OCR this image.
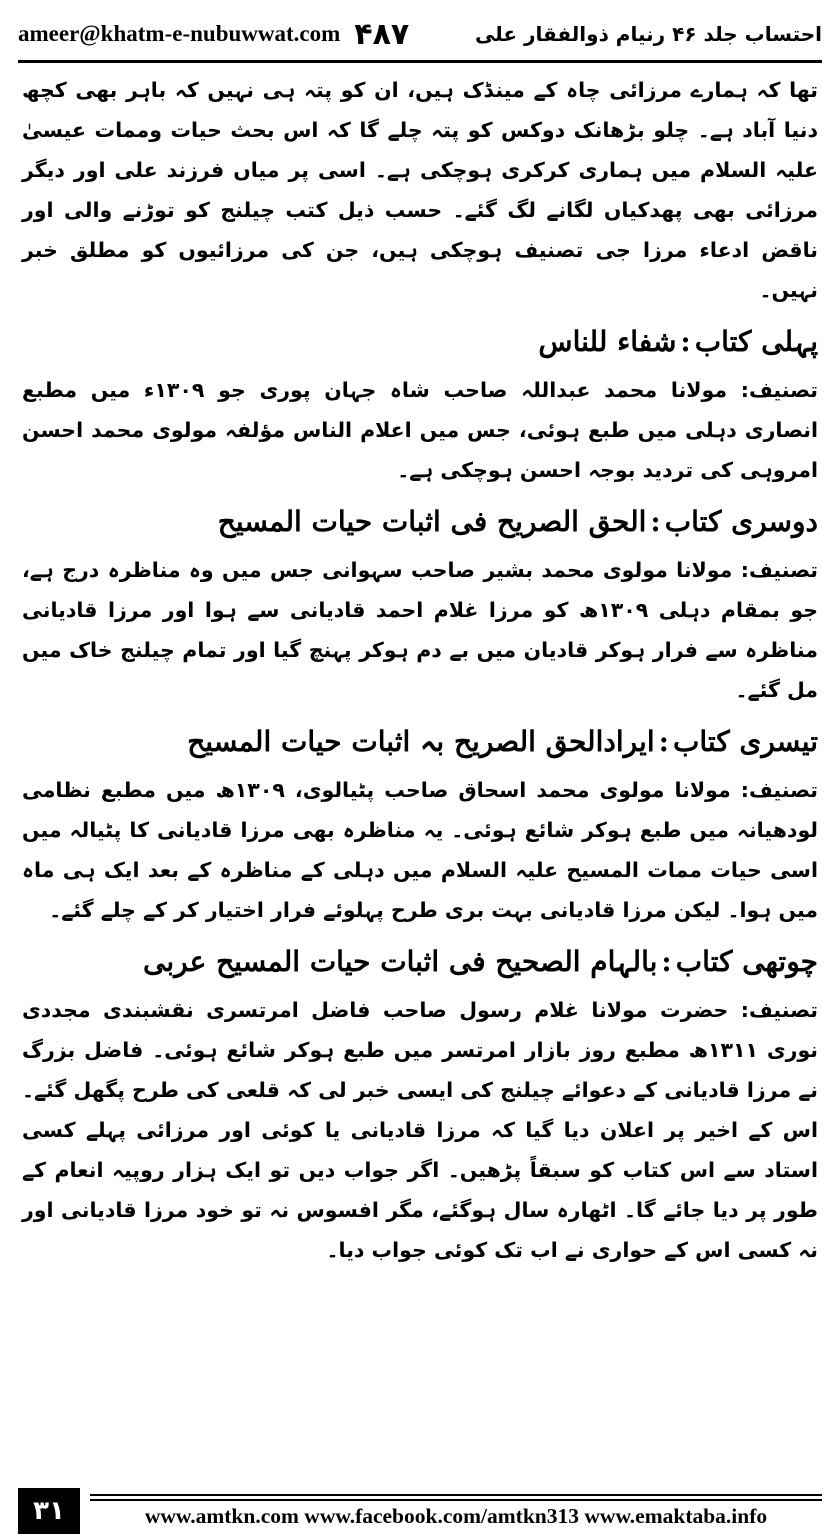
ameer@khatm-e-nubuwwat.com ۴۸۷	احتساب جلد ۴۶ رنیام ذوالفقار علی

تھا کہ ہمارے مرزائی چاہ کے مینڈک ہیں، ان کو پتہ ہی نہیں کہ باہر بھی کچھ دنیا آباد ہے۔ چلو بڑھانک دوکس کو پتہ چلے گا کہ اس بحث حیات وممات عیسیٰ علیہ السلام میں ہماری کرکری ہوچکی ہے۔ اسی پر میاں فرزند علی اور دیگر مرزائی بھی پھدکیاں لگانے لگ گئے۔ حسب ذیل کتب چیلنج کو توڑنے والی اور ناقض ادعاء مرزا جی تصنیف ہوچکی ہیں، جن کی مرزائیوں کو مطلق خبر نہیں۔

پہلی کتاب:شفاء للناس

تصنیف: مولانا محمد عبداللہ صاحب شاہ جہان پوری جو ۱۳۰۹ء میں مطبع انصاری دہلی میں طبع ہوئی، جس میں اعلام الناس مؤلفہ مولوی محمد احسن امروہی کی تردید بوجہ احسن ہوچکی ہے۔

دوسری کتاب:الحق الصریح فی اثبات حیات المسیح

تصنیف: مولانا مولوی محمد بشیر صاحب سہوانی جس میں وہ مناظرہ درج ہے، جو بمقام دہلی ۱۳۰۹ھ کو مرزا غلام احمد قادیانی سے ہوا اور مرزا قادیانی مناظرہ سے فرار ہوکر قادیان میں بے دم ہوکر پہنچ گیا اور تمام چیلنج خاک میں مل گئے۔

تیسری کتاب:ایرادالحق الصریح بہ اثبات حیات المسیح

تصنیف: مولانا مولوی محمد اسحاق صاحب پٹیالوی، ۱۳۰۹ھ میں مطبع نظامی لودھیانہ میں طبع ہوکر شائع ہوئی۔ یہ مناظرہ بھی مرزا قادیانی کا پٹیالہ میں اسی حیات ممات المسیح علیہ السلام میں دہلی کے مناظرہ کے بعد ایک ہی ماہ میں ہوا۔ لیکن مرزا قادیانی بہت بری طرح پہلوئے فرار اختیار کر کے چلے گئے۔

چوتھی کتاب:بالہام الصحیح فی اثبات حیات المسیح عربی

تصنیف: حضرت مولانا غلام رسول صاحب فاضل امرتسری نقشبندی مجددی نوری ۱۳۱۱ھ مطبع روز بازار امرتسر میں طبع ہوکر شائع ہوئی۔ فاضل بزرگ نے مرزا قادیانی کے دعوائے چیلنج کی ایسی خبر لی کہ قلعی کی طرح پگھل گئے۔ اس کے اخیر پر اعلان دیا گیا کہ مرزا قادیانی یا کوئی اور مرزائی پہلے کسی استاد سے اس کتاب کو سبقاً پڑھیں۔ اگر جواب دیں تو ایک ہزار روپیہ انعام کے طور پر دیا جائے گا۔ اٹھارہ سال ہوگئے، مگر افسوس نہ تو خود مرزا قادیانی اور نہ کسی اس کے حواری نے اب تک کوئی جواب دیا۔

۳۱	www.amtkn.com www.facebook.com/amtkn313 www.emaktaba.info
